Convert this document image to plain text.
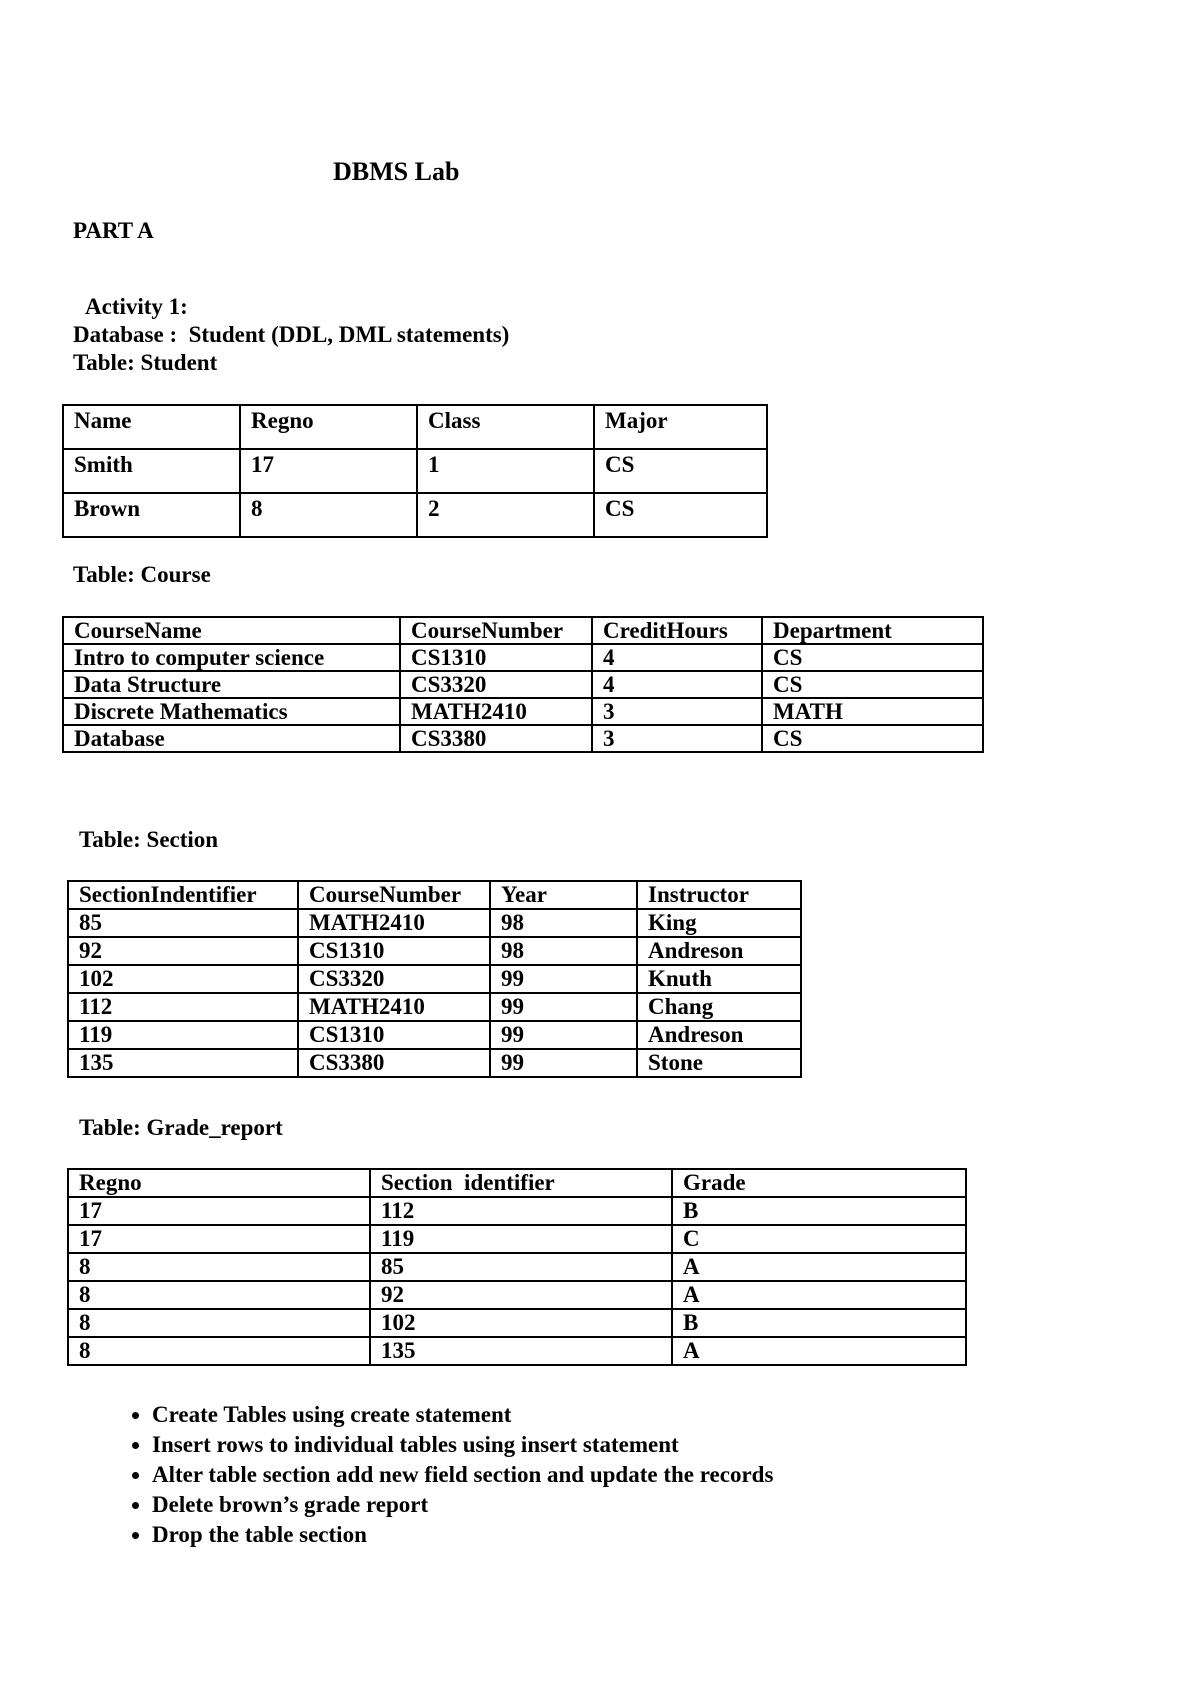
DBMS Lab
PART A
Activity 1:
Database :  Student (DDL, DML statements)
Table: Student
Name	Regno	Class	Major
Smith	17	1	CS
Brown	8	2	CS
Table: Course
CourseName	CourseNumber	CreditHours	Department
Intro to computer science	CS1310	4	CS
Data Structure	CS3320	4	CS
Discrete Mathematics	MATH2410	3	MATH
Database	CS3380	3	CS
Table: Section
SectionIndentifier	CourseNumber	Year	Instructor
85	MATH2410	98	King
92	CS1310	98	Andreson
102	CS3320	99	Knuth
112	MATH2410	99	Chang
119	CS1310	99	Andreson
135	CS3380	99	Stone
Table: Grade_report
Regno	Section  identifier	Grade
17	112	B
17	119	C
8	85	A
8	92	A
8	102	B
8	135	A
• Create Tables using create statement
• Insert rows to individual tables using insert statement
• Alter table section add new field section and update the records
• Delete brown’s grade report
• Drop the table section
